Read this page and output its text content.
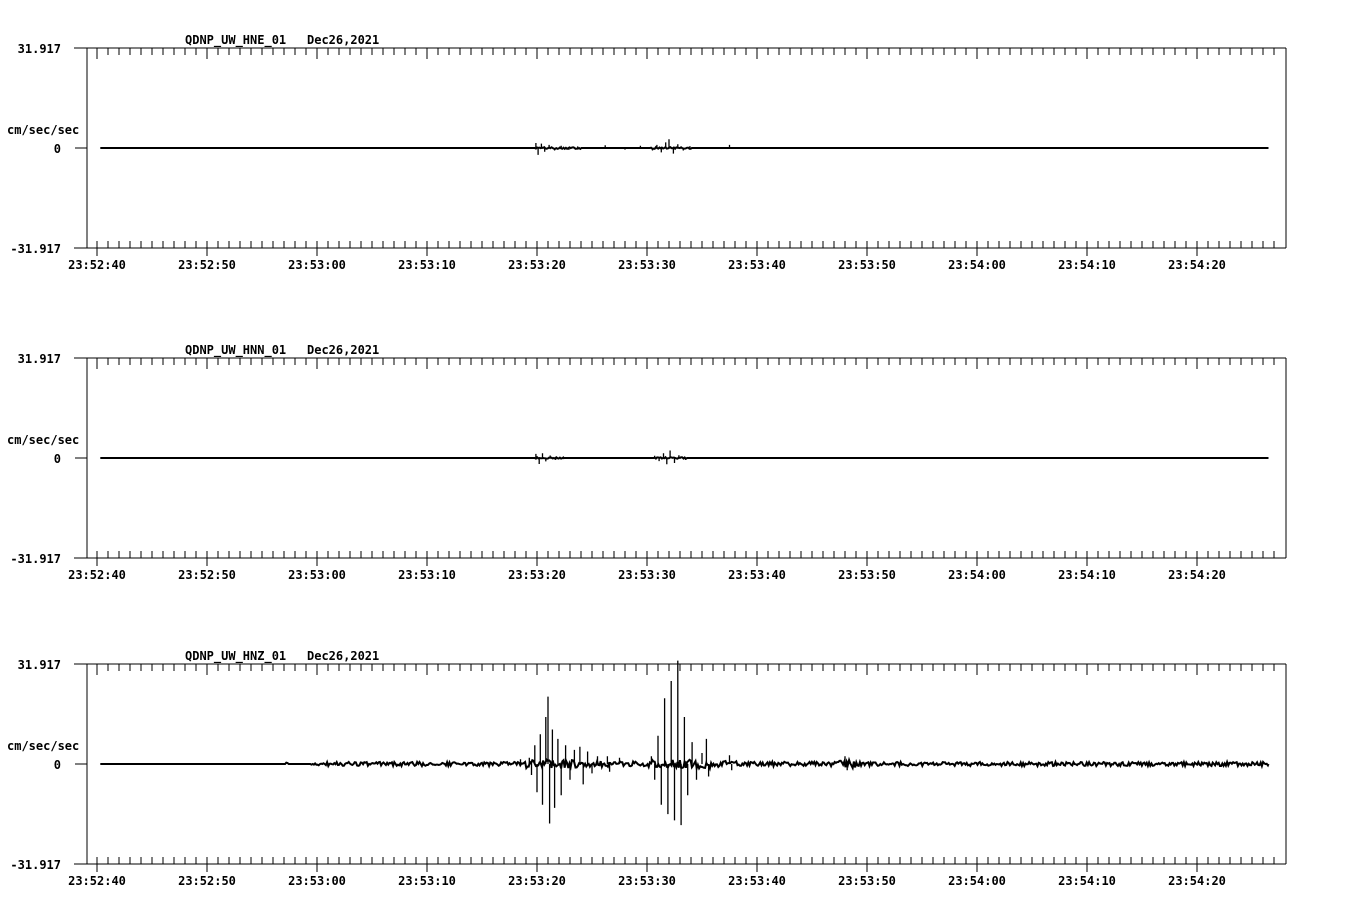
QDNP_UW_HNE_01 Dec26,2021
31.917
cm/sec/sec
0
-31.917
23:52:40	23:52:50	23:53:00	23:53:10	23:53:20	23:53:30	23:53:40	23:53:50	23:54:00	23:54:10	23:54:20
QDNP_UW_HNN_01 Dec26,2021
31.917
cm/sec/sec
0
-31.917
23:52:40	23:52:50	23:53:00	23:53:10	23:53:20	23:53:30	23:53:40	23:53:50	23:54:00	23:54:10	23:54:20
QDNP_UW_HNZ_01 Dec26,2021
31.917
cm/sec/sec
0
-31.917
23:52:40	23:52:50	23:53:00	23:53:10	23:53:20	23:53:30	23:53:40	23:53:50	23:54:00	23:54:10	23:54:20
